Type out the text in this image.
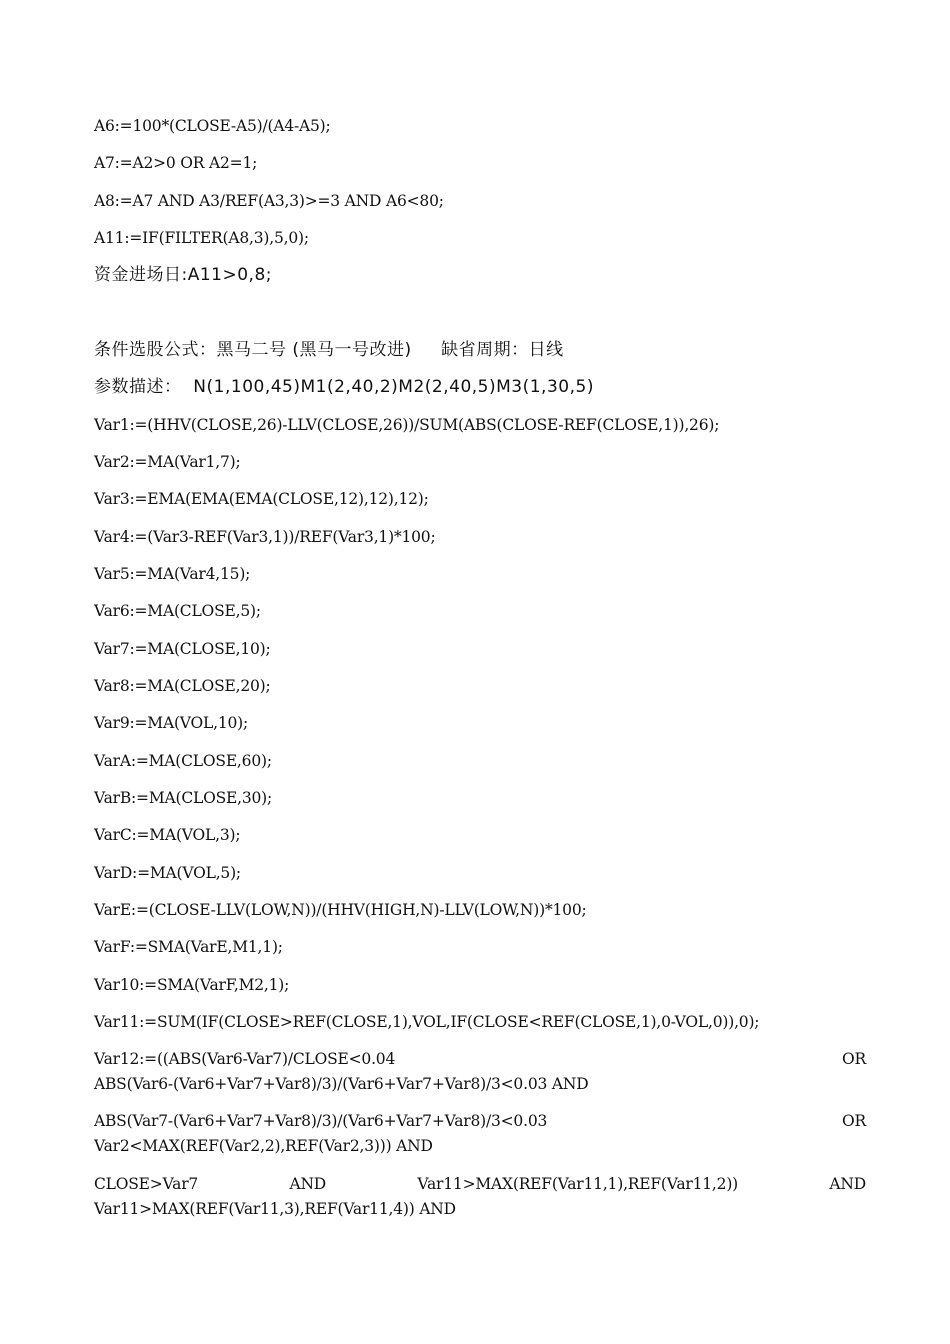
A6:=100*(CLOSE-A5)/(A4-A5);
A7:=A2>0 OR A2=1;
A8:=A7 AND A3/REF(A3,3)>=3 AND A6<80;
A11:=IF(FILTER(A8,3),5,0);
资金进场日:A11>0,8;
条件选股公式：黑马二号 (黑马一号改进)     缺省周期：日线
参数描述：  N(1,100,45)M1(2,40,2)M2(2,40,5)M3(1,30,5)
Var1:=(HHV(CLOSE,26)-LLV(CLOSE,26))/SUM(ABS(CLOSE-REF(CLOSE,1)),26);
Var2:=MA(Var1,7);
Var3:=EMA(EMA(EMA(CLOSE,12),12),12);
Var4:=(Var3-REF(Var3,1))/REF(Var3,1)*100;
Var5:=MA(Var4,15);
Var6:=MA(CLOSE,5);
Var7:=MA(CLOSE,10);
Var8:=MA(CLOSE,20);
Var9:=MA(VOL,10);
VarA:=MA(CLOSE,60);
VarB:=MA(CLOSE,30);
VarC:=MA(VOL,3);
VarD:=MA(VOL,5);
VarE:=(CLOSE-LLV(LOW,N))/(HHV(HIGH,N)-LLV(LOW,N))*100;
VarF:=SMA(VarE,M1,1);
Var10:=SMA(VarF,M2,1);
Var11:=SUM(IF(CLOSE>REF(CLOSE,1),VOL,IF(CLOSE<REF(CLOSE,1),0-VOL,0)),0);
Var12:=((ABS(Var6-Var7)/CLOSE<0.04	OR
ABS(Var6-(Var6+Var7+Var8)/3)/(Var6+Var7+Var8)/3<0.03 AND
ABS(Var7-(Var6+Var7+Var8)/3)/(Var6+Var7+Var8)/3<0.03	OR
Var2<MAX(REF(Var2,2),REF(Var2,3))) AND
CLOSE>Var7	AND	Var11>MAX(REF(Var11,1),REF(Var11,2))	AND
Var11>MAX(REF(Var11,3),REF(Var11,4)) AND
